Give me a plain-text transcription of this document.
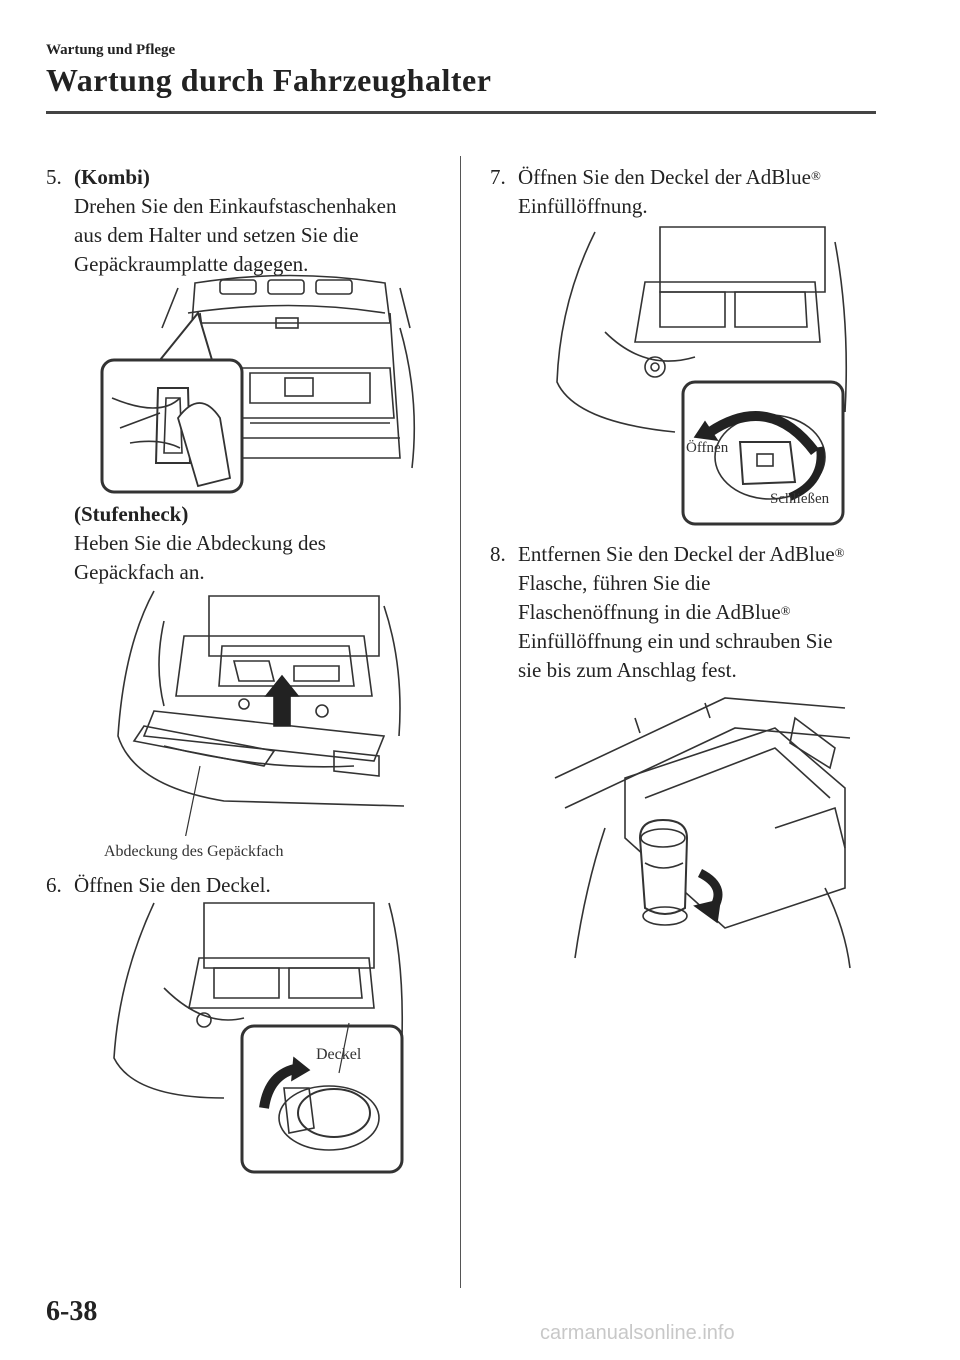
Wartung und Pflege
Wartung durch Fahrzeughalter
5. (Kombi)
Drehen Sie den Einkaufstaschenhaken
aus dem Halter und setzen Sie die
Gepäckraumplatte dagegen.
(Stufenheck)
Heben Sie die Abdeckung des
Gepäckfach an.
Abdeckung des Gepäckfach
6. Öffnen Sie den Deckel.
Deckel
7. Öffnen Sie den Deckel der AdBlue®
Einfüllöffnung.
Öffnen
Schließen
8. Entfernen Sie den Deckel der AdBlue®
Flasche, führen Sie die
Flaschenöffnung in die AdBlue®
Einfüllöffnung ein und schrauben Sie
sie bis zum Anschlag fest.
6-38
carmanualsonline.info
